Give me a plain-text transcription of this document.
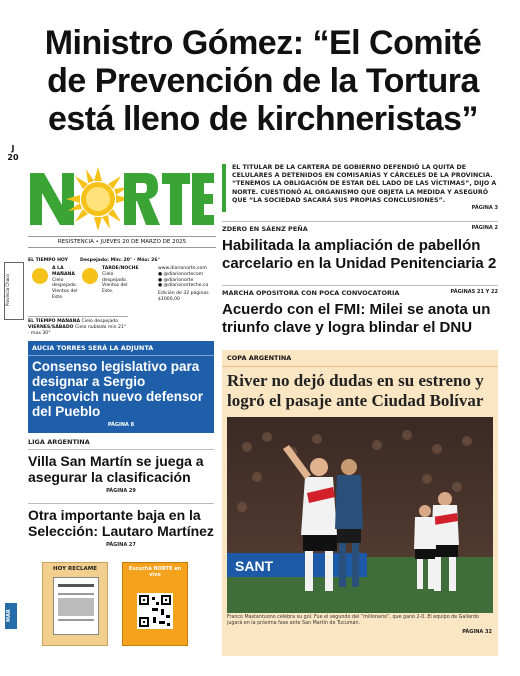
Ministro Gómez: “El Comité de Prevención de la Tortura está lleno de kirchneristas”
J
20

EL TITULAR DE LA CARTERA DE GOBIERNO DEFENDIÓ LA QUITA DE CELULARES A DETENIDOS EN COMISARÍAS Y CÁRCELES DE LA PROVINCIA. “TENEMOS LA OBLIGACIÓN DE ESTAR DEL LADO DE LAS VÍCTIMAS”, DIJO A NORTE. CUESTIONÓ AL ORGANISMO QUE OBJETA LA MEDIDA Y ASEGURÓ QUE “LA SOCIEDAD SACARÁ SUS PROPIAS CONCLUSIONES”.

PÁGINA 3
RESISTENCIA • JUEVES 20 DE MARZO DE 2025
Provincia Chaco
EL TIEMPO HOY	Despejado: Min: 20° · Máx: 26°
A LA MAÑANA
Cielo despejado. Vientos del Este.
TARDE/NOCHE
Cielo despejado. Vientos del Este.
EL TIEMPO MAÑANA Cielo despejado VIERNES/SÁBADO Cielo nublado min 21° · max 30°
www.diarionorte.com
● @diarionortecom
● @diarionorte
● @diarionorteche.co
Edición de 32 páginas
$1000,00
AUCIA TORRES SERÁ LA ADJUNTA
Consenso legislativo para designar a Sergio Lencovich nuevo defensor del Pueblo
PÁGINA 8
LIGA ARGENTINA
Villa San Martín se juega a asegurar la clasificación
PÁGINA 29
Otra importante baja en la Selección: Lautaro Martínez
PÁGINA 27
HOY RECLAME	Escuchá NORTE en vivo
ZDERO EN SÁENZ PEÑA	PÁGINA 2
Habilitada la ampliación de pabellón carcelario en la Unidad Penitenciaria 2
MARCHA OPOSITORA CON POCA CONVOCATORIA	PÁGINAS 21 Y 22
Acuerdo con el FMI: Milei se anota un triunfo clave y logra blindar el DNU
COPA ARGENTINA
River no dejó dudas en su estreno y logró el pasaje ante Ciudad Bolívar
SANT
Franco Mastantuono celebra su gol. Fue el segundo del “millonario”, que ganó 2-0. El equipo de Gallardo jugará en la próxima fase ante San Martín de Tucumán.
PÁGINA 32
MAR
